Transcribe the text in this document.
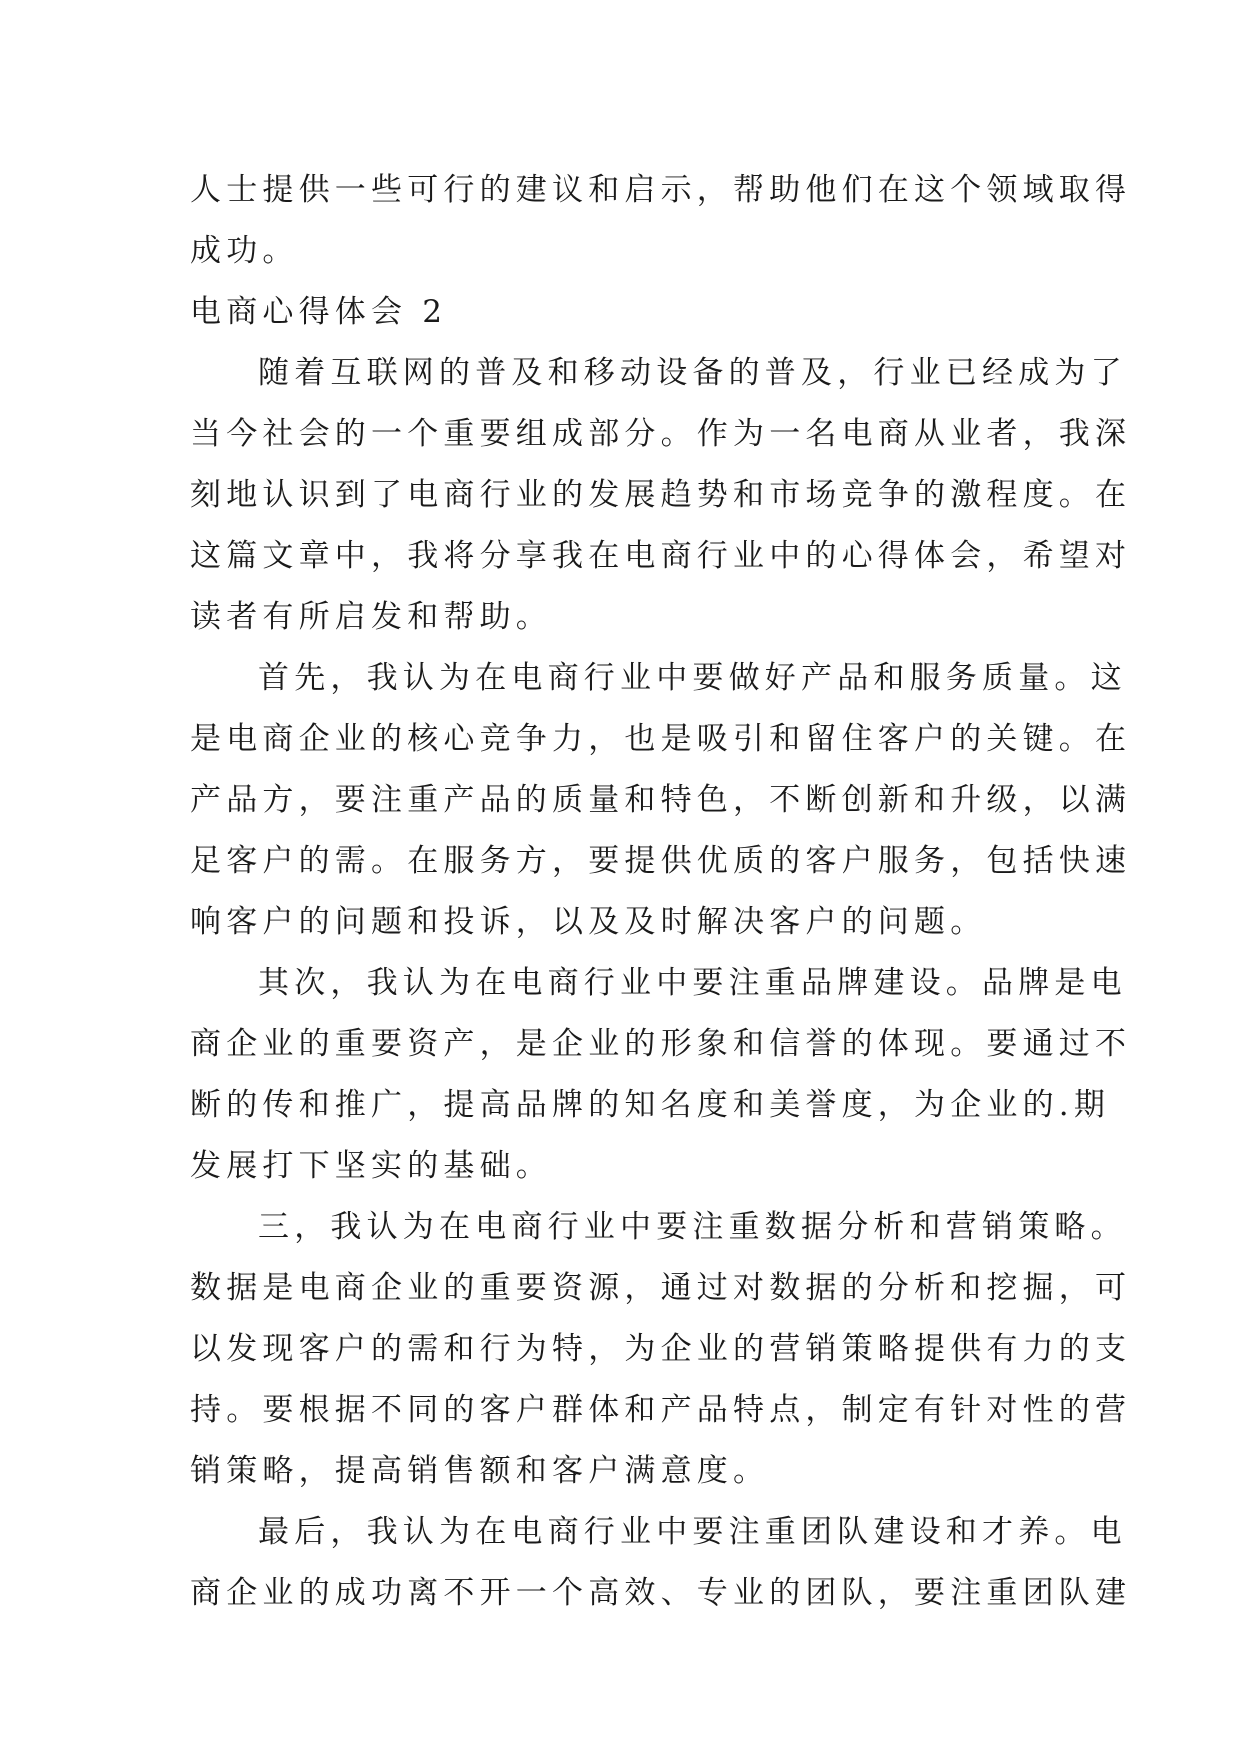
人士提供一些可行的建议和启示，帮助他们在这个领域取得
成功。
电商心得体会 2
随着互联网的普及和移动设备的普及，行业已经成为了
当今社会的一个重要组成部分。作为一名电商从业者，我深
刻地认识到了电商行业的发展趋势和市场竞争的激程度。在
这篇文章中，我将分享我在电商行业中的心得体会，希望对
读者有所启发和帮助。
首先，我认为在电商行业中要做好产品和服务质量。这
是电商企业的核心竞争力，也是吸引和留住客户的关键。在
产品方，要注重产品的质量和特色，不断创新和升级，以满
足客户的需。在服务方，要提供优质的客户服务，包括快速
响客户的问题和投诉，以及及时解决客户的问题。
其次，我认为在电商行业中要注重品牌建设。品牌是电
商企业的重要资产，是企业的形象和信誉的体现。要通过不
断的传和推广，提高品牌的知名度和美誉度，为企业的.期
发展打下坚实的基础。
三，我认为在电商行业中要注重数据分析和营销策略。
数据是电商企业的重要资源，通过对数据的分析和挖掘，可
以发现客户的需和行为特，为企业的营销策略提供有力的支
持。要根据不同的客户群体和产品特点，制定有针对性的营
销策略，提高销售额和客户满意度。
最后，我认为在电商行业中要注重团队建设和才养。电
商企业的成功离不开一个高效、专业的团队，要注重团队建
